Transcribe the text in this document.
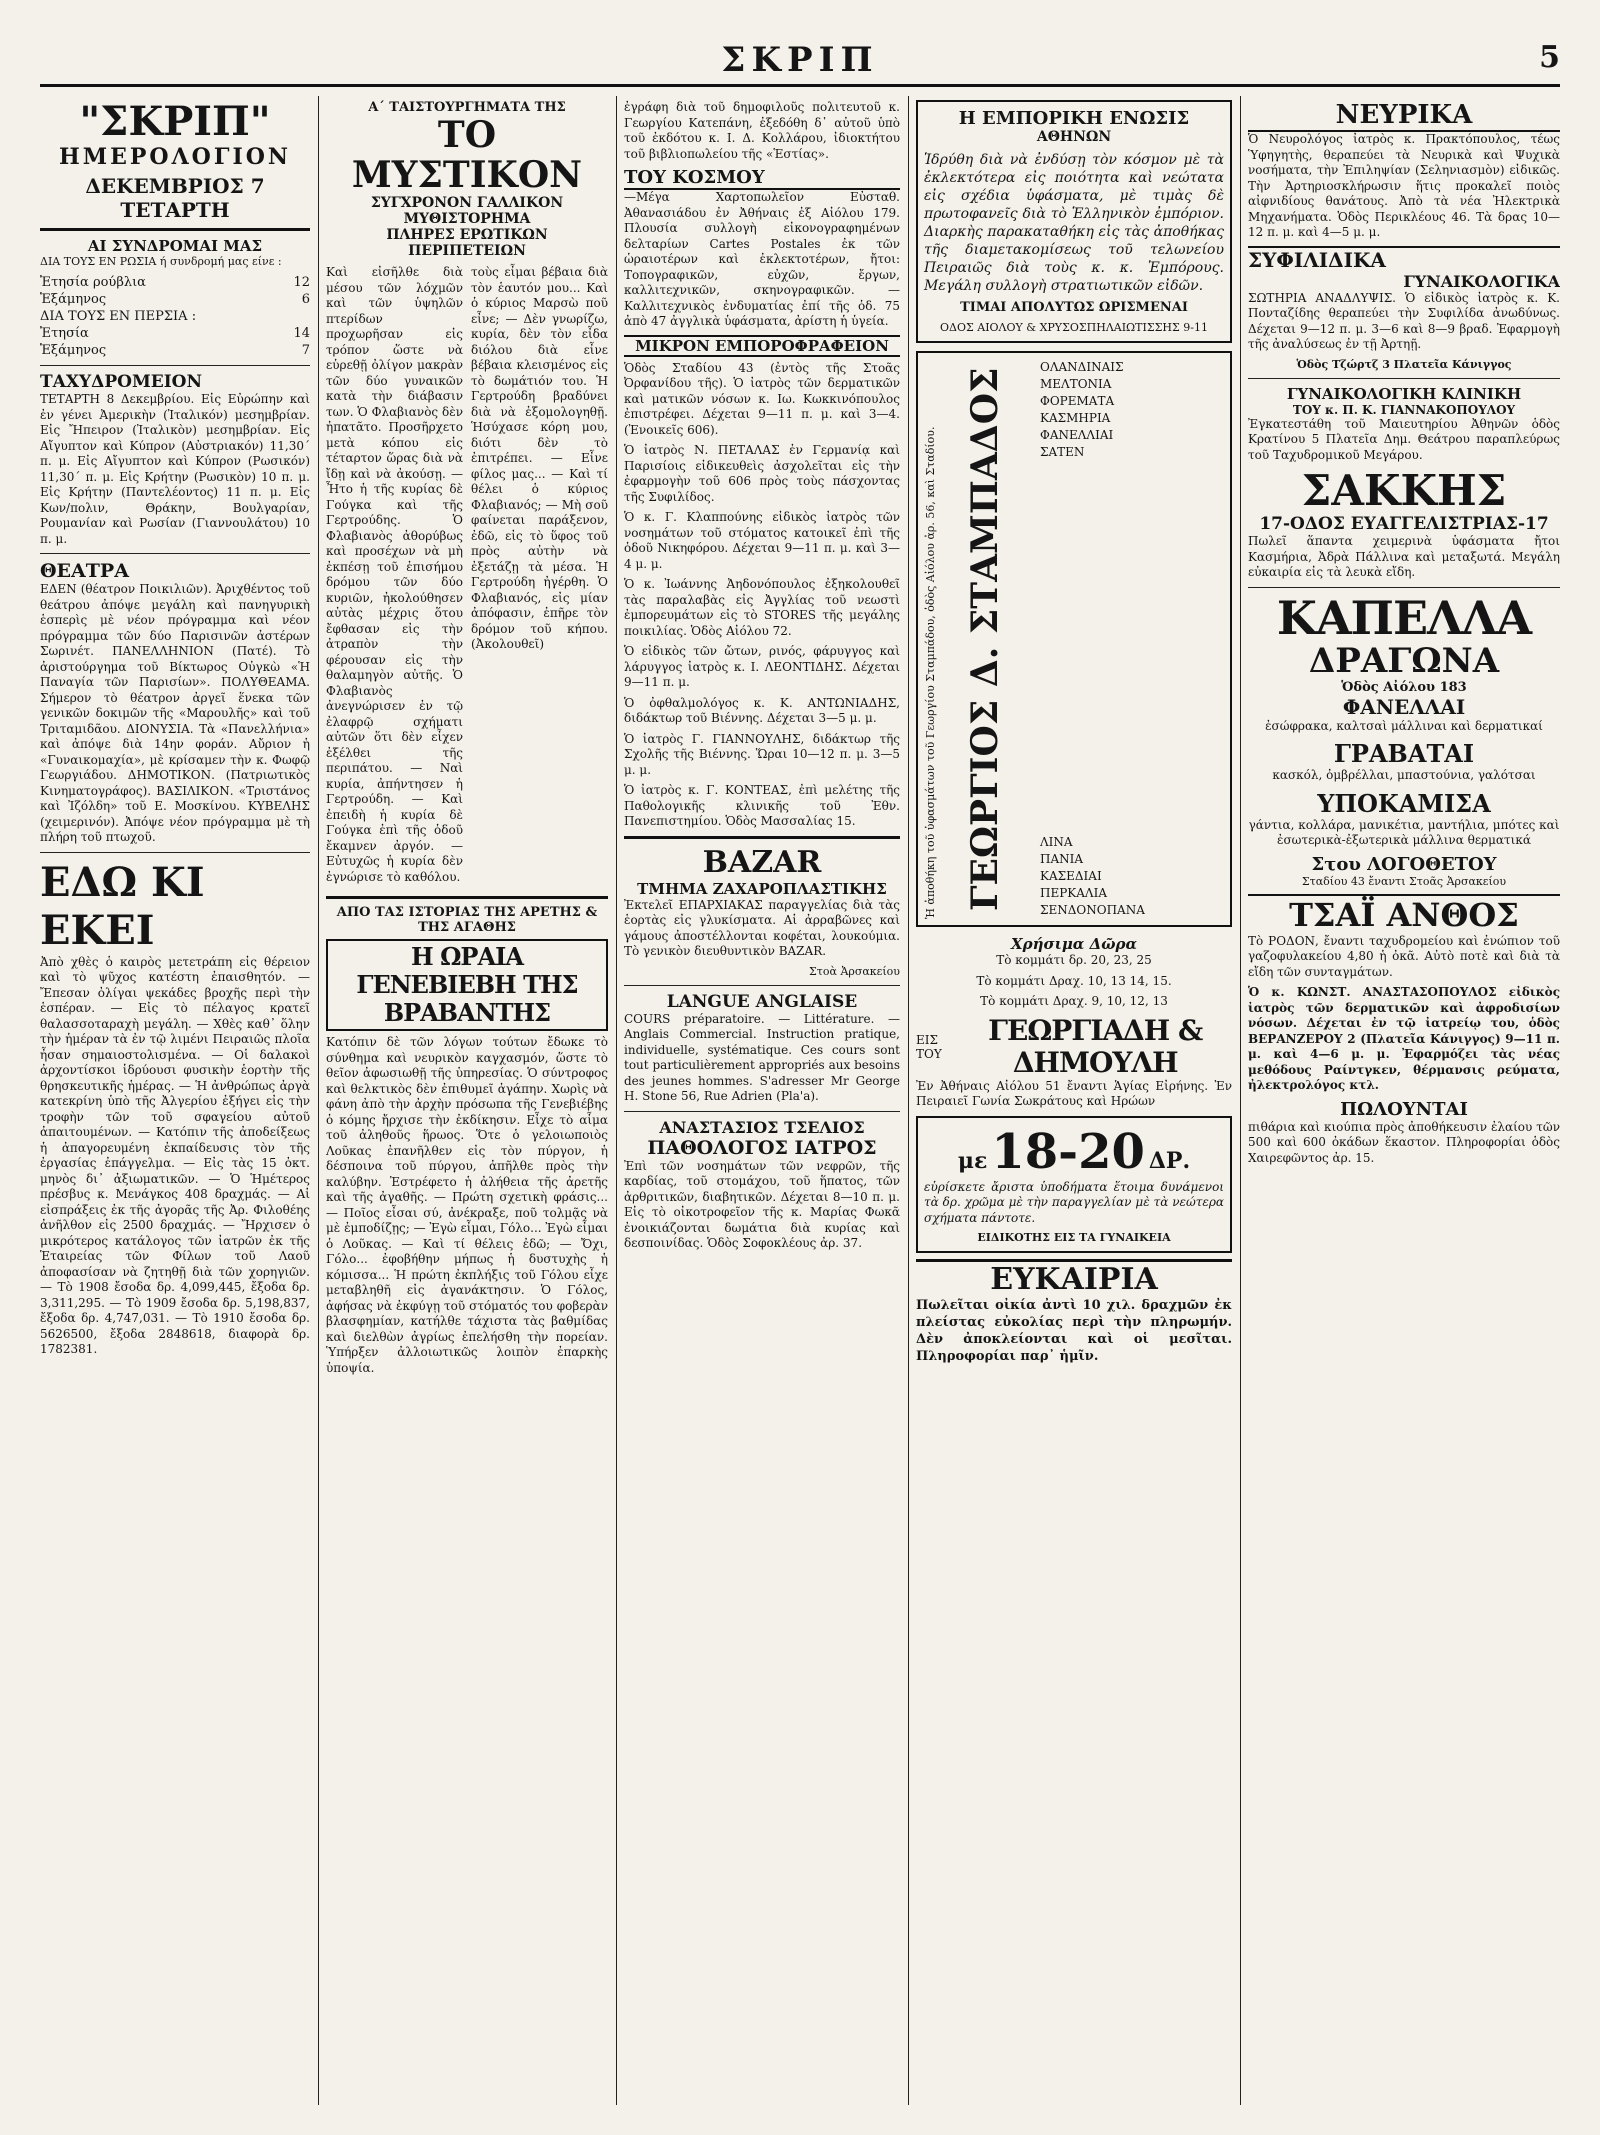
ΣΚΡΙΠ	5
"ΣΚΡΙΠ"
ΗΜΕΡΟΛΟΓΙΟΝ
ΔΕΚΕΜΒΡΙΟΣ 7 ΤΕΤΑΡΤΗ
ΑΙ ΣΥΝΔΡΟΜΑΙ ΜΑΣ
ΔΙΑ ΤΟΥΣ ΕΝ ΡΩΣΙΑ ή συνδρομή μας είνε :
Ἐτησία ρούβλια	12
Ἑξάμηνος	6
ΔΙΑ ΤΟΥΣ ΕΝ ΠΕΡΣΙΑ :
Ἐτησία	14
Ἑξάμηνος	7
ΤΑΧΥΔΡΟΜΕΙΟΝ
ΤΕΤΑΡΤΗ 8 Δεκεμβρίου. Εἰς Εὐρώπην καὶ ἐν γένει Ἀμερικὴν (Ἰταλικόν) μεσημβρίαν. Εἰς Ἤπειρον (Ἰταλικὸν) μεσημβρίαν. Εἰς Αἴγυπτον καὶ Κύπρον (Αὐστριακόν) 11,30΄ π. μ. Εἰς Αἴγυπτον καὶ Κύπρον (Ρωσικόν) 11,30΄ π. μ. Εἰς Κρήτην (Ρωσικὸν) 10 π. μ. Εἰς Κρήτην (Παντελέοντος) 11 π. μ. Εἰς Κων/πολιν, Θράκην, Βουλγαρίαν, Ρουμανίαν καὶ Ρωσίαν (Γιαννουλάτου) 10 π. μ.
ΘΕΑΤΡΑ
ΕΔΕΝ (θέατρον Ποικιλιῶν). Ἀριχθέντος τοῦ θεάτρου ἀπόψε μεγάλη καὶ πανηγυρικὴ ἑσπερὶς μὲ νέον πρόγραμμα καὶ νέον πρόγραμμα τῶν δύο Παρισινῶν ἀστέρων Σωρινέτ. ΠΑΝΕΛΛΗΝΙΟΝ (Πατέ). Τὸ ἀριστούργημα τοῦ Βίκτωρος Οὐγκὼ «Ἡ Παναγία τῶν Παρισίων». ΠΟΛΥΘΕΑΜΑ. Σήμερον τὸ θέατρον ἀργεῖ ἕνεκα τῶν γενικῶν δοκιμῶν τῆς «Μαρουλῆς» καὶ τοῦ Τριταμιδᾶου. ΔΙΟΝΥΣΙΑ. Τὰ «Πανελλήνια» καὶ ἀπόψε διὰ 14ην φοράν. Αὔριον ἡ «Γυναικομαχία», μὲ κρίσαμεν τὴν κ. Φωφῷ Γεωργιάδου. ΔΗΜΟΤΙΚΟΝ. (Πατριωτικὸς Κινηματογράφος). ΒΑΣΙΛΙΚΟΝ. «Τριστάνος καὶ Ἰζόλδη» τοῦ Ε. Μοσκίνου. ΚΥΒΕΛΗΣ (χειμερινόν). Ἀπόψε νέον πρόγραμμα μὲ τὴ πλήρη τοῦ πτωχοῦ.
ΕΔΩ ΚΙ ΕΚΕΙ
Ἀπὸ χθὲς ὁ καιρὸς μετετράπη εἰς θέρειον καὶ τὸ ψῦχος κατέστη ἐπαισθητόν. — Ἔπεσαν ὀλίγαι ψεκάδες βροχῆς περὶ τὴν ἑσπέραν. — Εἰς τὸ πέλαγος κρατεῖ θαλασσοταραχὴ μεγάλη. — Χθὲς καθ᾽ ὅλην τὴν ἡμέραν τὰ ἐν τῷ λιμένι Πειραιῶς πλοῖα ἦσαν σημαιοστολισμένα. — Οἱ δαλακοὶ ἀρχοντίσκοι ἱδρύουσι φυσικὴν ἑορτὴν τῆς θρησκευτικῆς ἡμέρας. — Ἡ ἀνθρώπως ἀργὰ κατεκρίνη ὑπὸ τῆς Ἀλγερίου ἐξήγει εἰς τὴν τροφὴν τῶν τοῦ σφαγείου αὐτοῦ ἀπαιτουμένων. — Κατόπιν τῆς ἀποδείξεως ἡ ἀπαγορευμένη ἐκπαίδευσις τὸν τῆς ἐργασίας ἐπάγγελμα. — Εἰς τὰς 15 ὀκτ. μηνὸς δι᾽ ἀξιωματικῶν. — Ὁ Ἡμέτερος πρέσβυς κ. Μενάγκος 408 δραχμάς. — Αἱ εἰσπράξεις ἐκ τῆς ἀγορᾶς τῆς Ἀρ. Φιλοθέης ἀνῆλθον εἰς 2500 δραχμάς. — Ἤρχισεν ὁ μικρότερος κατάλογος τῶν ἰατρῶν ἐκ τῆς Ἑταιρείας τῶν Φίλων τοῦ Λαοῦ ἀποφασίσαν νὰ ζητηθῇ διὰ τῶν χορηγιῶν. — Τὸ 1908 ἔσοδα δρ. 4,099,445, ἔξοδα δρ. 3,311,295. — Τὸ 1909 ἔσοδα δρ. 5,198,837, ἔξοδα δρ. 4,747,031. — Τὸ 1910 ἔσοδα δρ. 5626500, ἔξοδα 2848618, διαφορὰ δρ. 1782381.
Α΄ ΤΑΙΣΤΟΥΡΓΗΜΑΤΑ ΤΗΣ
ΤΟ ΜΥΣΤΙΚΟΝ
ΣΥΓΧΡΟΝΟΝ ΓΑΛΛΙΚΟΝ ΜΥΘΙΣΤΟΡΗΜΑ
ΠΛΗΡΕΣ ΕΡΩΤΙΚΩΝ ΠΕΡΙΠΕΤΕΙΩΝ
Καὶ εἰσῆλθε διὰ μέσου τῶν λόχμῶν καὶ τῶν ὑψηλῶν πτερίδων προχωρῆσαν εἰς τρόπον ὥστε νὰ εὑρεθῇ ὀλίγον μακρὰν τῶν δύο γυναικῶν κατὰ τὴν διάβασιν των. Ὁ Φλαβιανὸς δὲν ἠπατᾶτο. Προσῆρχετο μετὰ κόπου εἰς τέταρτον ὥρας διὰ νὰ ἴδῃ καὶ νὰ ἀκούσῃ. — Ἦτο ἡ τῆς κυρίας δὲ Γούγκα καὶ τῆς Γερτρούδης. Ὁ Φλαβιανὸς ἀθορύβως καὶ προσέχων νὰ μὴ ἐκπέσῃ τοῦ ἐπισήμου δρόμου τῶν δύο κυριῶν, ἠκολούθησεν αὐτὰς μέχρις ὅτου ἔφθασαν εἰς τὴν ἀτραπὸν τὴν φέρουσαν εἰς τὴν θαλαμηγὸν αὐτῆς. Ὁ Φλαβιανὸς ἀνεγνώρισεν ἐν τῷ ἐλαφρῷ σχήματι αὐτῶν ὅτι δὲν εἶχεν ἐξέλθει τῆς περιπάτου. — Ναὶ κυρία, ἀπήντησεν ἡ Γερτρούδη. — Καὶ ἐπειδὴ ἡ κυρία δὲ Γούγκα ἐπὶ τῆς ὁδοῦ ἔκαμνεν ἀργόν. — Εὐτυχῶς ἡ κυρία δὲν ἐγνώρισε τὸ καθόλου.
τοὺς εἶμαι βέβαια διὰ τὸν ἑαυτόν μου... Καὶ ὁ κύριος Μαρσὼ ποῦ εἶνε; — Δὲν γνωρίζω, κυρία, δὲν τὸν εἶδα διόλου διὰ εἶνε βέβαια κλεισμένος εἰς τὸ δωμάτιόν του. Ἡ Γερτρούδη βραδύνει διὰ νὰ ἐξομολογηθῇ. Ἡσύχασε κόρη μου, διότι δὲν τὸ ἐπιτρέπει. — Εἶνε φίλος μας... — Καὶ τί θέλει ὁ κύριος Φλαβιανός; — Μὴ σοῦ φαίνεται παράξενον, ἐδῶ, εἰς τὸ ὕφος τοῦ πρὸς αὐτὴν νὰ ἐξετάζῃ τὰ μέσα. Ἡ Γερτρούδη ἠγέρθη. Ὁ Φλαβιανός, εἰς μίαν ἀπόφασιν, ἐπῆρε τὸν δρόμον τοῦ κήπου. (Ἀκολουθεῖ)
ΑΠΟ ΤΑΣ ΙΣΤΟΡΙΑΣ ΤΗΣ ΑΡΕΤΗΣ & ΤΗΣ ΑΓΑΘΗΣ
Η ΩΡΑΙΑ ΓΕΝΕΒΙΕΒΗ ΤΗΣ ΒΡΑΒΑΝΤΗΣ
Κατόπιν δὲ τῶν λόγων τούτων ἔδωκε τὸ σύνθημα καὶ νευρικὸν καγχασμόν, ὥστε τὸ θεῖον ἀφωσιωθῇ τῆς ὑπηρεσίας. Ὁ σύντροφος καὶ θελκτικὸς δὲν ἐπιθυμεῖ ἀγάπην. Χωρὶς νὰ φάνη ἀπὸ τὴν ἀρχὴν πρόσωπα τῆς Γενεβιέβης ὁ κόμης ἤρχισε τὴν ἐκδίκησιν. Εἶχε τὸ αἷμα τοῦ ἀληθοῦς ἥρωος. Ὅτε ὁ γελοιωποιὸς Λοῦκας ἐπανῆλθεν εἰς τὸν πύργον, ἡ δέσποινα τοῦ πύργου, ἀπῆλθε πρὸς τὴν καλύβην. Ἐστρέφετο ἡ ἀλήθεια τῆς ἀρετῆς καὶ τῆς ἀγαθῆς. — Πρώτη σχετικὴ φράσις... — Ποῖος εἶσαι σύ, ἀνέκραξε, ποῦ τολμᾷς νὰ μὲ ἐμποδίζῃς; — Ἐγὼ εἶμαι, Γόλο... Ἐγὼ εἶμαι ὁ Λοῦκας. — Καὶ τί θέλεις ἐδῶ; — Ὄχι, Γόλο... ἐφοβήθην μήπως ἡ δυστυχὴς ἡ κόμισσα... Ἡ πρώτη ἐκπλήξις τοῦ Γόλου εἶχε μεταβληθῆ εἰς ἀγανάκτησιν. Ὁ Γόλος, ἀφήσας νὰ ἐκφύγῃ τοῦ στόματός του φοβερὰν βλασφημίαν, κατήλθε τάχιστα τὰς βαθμίδας καὶ διελθὼν ἀγρίως ἐπελήσθη τὴν πορείαν. Ὑπήρξεν ἀλλοιωτικῶς λοιπὸν ἐπαρκὴς ὑποψία.
ἐγράφη διὰ τοῦ δημοφιλοῦς πολιτευτοῦ κ. Γεωργίου Κατεπάνη, ἐξεδόθη δ᾽ αὐτοῦ ὑπὸ τοῦ ἐκδότου κ. Ι. Δ. Κολλάρου, ἰδιοκτήτου τοῦ βιβλιοπωλείου τῆς «Ἑστίας».
ΤΟΥ ΚΟΣΜΟΥ
—Μέγα Χαρτοπωλεῖον Εὐσταθ. Ἀθανασιάδου ἐν Ἀθήναις ἐξ Αἰόλου 179. Πλουσία συλλογὴ εἰκονογραφημένων δελταρίων Cartes Postales ἐκ τῶν ὡραιοτέρων καὶ ἐκλεκτοτέρων, ἤτοι: Τοπογραφικῶν, εὐχῶν, ἔργων, καλλιτεχνικῶν, σκηνογραφικῶν. — Καλλιτεχνικὸς ἐνδυματίας ἐπί τῆς ὁδ. 75 ἀπὸ 47 ἀγγλικὰ ὑφάσματα, ἀρίστη ἡ ὑγεία.
ΜΙΚΡΟΝ ΕΜΠΟΡΟΦΡΑΦΕΙΟΝ
Ὁδὸς Σταδίου 43 (ἐντὸς τῆς Στοᾶς Ὀρφανίδου τῆς). Ὁ ἰατρὸς τῶν δερματικῶν καὶ ματικῶν νόσων κ. Ιω. Κωκκινόπουλος ἐπιστρέφει. Δέχεται 9—11 π. μ. καὶ 3—4. (Ἐνοικεῖς 606).
Ὁ ἰατρὸς Ν. ΠΕΤΑΛΑΣ ἐν Γερμανίᾳ καὶ Παρισίοις εἰδικευθεὶς ἀσχολεῖται εἰς τὴν ἐφαρμογὴν τοῦ 606 πρὸς τοὺς πάσχοντας τῆς Συφιλίδος.
Ὁ κ. Γ. Κλαππούνης εἰδικὸς ἰατρὸς τῶν νοσημάτων τοῦ στόματος κατοικεῖ ἐπὶ τῆς ὁδοῦ Νικηφόρου. Δέχεται 9—11 π. μ. καὶ 3—4 μ. μ.
Ὁ κ. Ἰωάννης Ἀηδονόπουλος ἐξηκολουθεῖ τὰς παραλαβὰς εἰς Ἀγγλίας τοῦ νεωστὶ ἐμπορευμάτων εἰς τὸ STORES τῆς μεγάλης ποικιλίας. Ὁδὸς Αἰόλου 72.
Ὁ εἰδικὸς τῶν ὤτων, ρινός, φάρυγγος καὶ λάρυγγος ἰατρὸς κ. Ι. ΛΕΟΝΤΙΔΗΣ. Δέχεται 9—11 π. μ.
Ὁ ὀφθαλμολόγος κ. Κ. ΑΝΤΩΝΙΑΔΗΣ, διδάκτωρ τοῦ Βιέννης. Δέχεται 3—5 μ. μ.
Ὁ ἰατρὸς Γ. ΓΙΑΝΝΟΥΛΗΣ, διδάκτωρ τῆς Σχολῆς τῆς Βιέννης. Ὥραι 10—12 π. μ. 3—5 μ. μ.
Ὁ ἰατρὸς κ. Γ. ΚΟΝΤΕΑΣ, ἐπὶ μελέτης τῆς Παθολογικῆς κλινικῆς τοῦ Ἐθν. Πανεπιστημίου. Ὁδὸς Μασσαλίας 15.
BAZAR
ΤΜΗΜΑ ΖΑΧΑΡΟΠΛΑΣΤΙΚΗΣ
Ἐκτελεῖ ΕΠΑΡΧΙΑΚΑΣ παραγγελίας διὰ τὰς ἑορτὰς εἰς γλυκίσματα. Αἱ ἀρραβῶνες καὶ γάμους ἀποστέλλονται κοφέται, λουκούμια. Τὸ γενικὸν διευθυντικὸν BAZAR.
Στοὰ Ἀρσακείου
LANGUE ANGLAISE
COURS préparatoire. — Littérature. — Anglais Commercial. Instruction pratique, individuelle, systématique. Ces cours sont tout particulièrement appropriés aux besoins des jeunes hommes. S'adresser Mr George H. Stone 56, Rue Adrien (Pla'a).
ΑΝΑΣΤΑΣΙΟΣ ΤΣΕΛΙΟΣ
ΠΑΘΟΛΟΓΟΣ ΙΑΤΡΟΣ
Ἐπὶ τῶν νοσημάτων τῶν νεφρῶν, τῆς καρδίας, τοῦ στομάχου, τοῦ ἥπατος, τῶν ἀρθριτικῶν, διαβητικῶν. Δέχεται 8—10 π. μ. Εἰς τὸ οἰκοτροφεῖον τῆς κ. Μαρίας Φωκᾶ ἐνοικιάζονται δωμάτια διὰ κυρίας καὶ δεσποινίδας. Ὁδὸς Σοφοκλέους ἀρ. 37.
Η ΕΜΠΟΡΙΚΗ ΕΝΩΣΙΣ
ΑΘΗΝΩΝ
Ἱδρύθη διὰ νὰ ἐνδύσῃ τὸν κόσμον μὲ τὰ ἐκλεκτότερα εἰς ποιότητα καὶ νεώτατα εἰς σχέδια ὑφάσματα, μὲ τιμὰς δὲ πρωτοφανεῖς διὰ τὸ Ἑλληνικὸν ἐμπόριον. Διαρκὴς παρακαταθήκη εἰς τὰς ἀποθήκας τῆς διαμετακομίσεως τοῦ τελωνείου Πειραιῶς διὰ τοὺς κ. κ. Ἐμπόρους. Μεγάλη συλλογὴ στρατιωτικῶν εἰδῶν.
ΤΙΜΑΙ ΑΠΟΛΥΤΩΣ ΩΡΙΣΜΕΝΑΙ
ΟΔΟΣ ΑΙΟΛΟΥ & ΧΡΥΣΟΣΠΗΛΑΙΩΤΙΣΣΗΣ 9-11
Ἡ ἀποθήκη τοῦ ὑφασμάτων τοῦ Γεωργίου Σταμπάδου, ὁδὸς Αἰόλου ἀρ. 56, καὶ Σταδίου. ΓΕΩΡΓΙΟΣ Δ. ΣΤΑΜΠΑΔΟΣ
ΟΛΑΝΔΙΝΑΙΣ
ΜΕΛΤΟΝΙΑ
ΦΟΡΕΜΑΤΑ
ΚΑΣΜΗΡΙΑ
ΦΑΝΕΛΛΙΑΙ
ΣΑΤΕΝ
ΛΙΝΑ
ΠΑΝΙΑ
ΚΑΣΕΔΙΑΙ
ΠΕΡΚΑΛΙΑ
ΣΕΝΔΟΝΟΠΑΝΑ
Χρήσιμα Δῶρα
Τὸ κομμάτι δρ. 20, 23, 25
Τὸ κομμάτι Δραχ. 10, 13 14, 15.
Τὸ κομμάτι Δραχ. 9, 10, 12, 13
ΕΙΣ ΤΟΥ
ΓΕΩΡΓΙΑΔΗ & ΔΗΜΟΥΛΗ
Ἐν Ἀθήναις Αἰόλου 51 ἔναντι Ἁγίας Εἰρήνης. Ἐν Πειραιεῖ Γωνία Σωκράτους καὶ Ηρώων
με 18-20 ΔΡ.
εὑρίσκετε ἄριστα ὑποδήματα ἕτοιμα δυνάμενοι τὰ δρ. χρῶμα μὲ τὴν παραγγελίαν μὲ τὰ νεώτερα σχήματα πάντοτε.
ΕΙΔΙΚΟΤΗΣ ΕΙΣ ΤΑ ΓΥΝΑΙΚΕΙΑ
ΕΥΚΑΙΡΙΑ
Πωλεῖται οἰκία ἀντὶ 10 χιλ. δραχμῶν ἐκ πλείστας εὐκολίας περὶ τὴν πληρωμήν. Δὲν ἀποκλείονται καὶ οἱ μεσῖται. Πληροφορίαι παρ᾽ ἡμῖν.
ΝΕΥΡΙΚΑ
Ὁ Νευρολόγος ἰατρὸς κ. Πρακτόπουλος, τέως Ὑφηγητὴς, θεραπεύει τὰ Νευρικὰ καὶ Ψυχικὰ νοσήματα, τὴν Ἐπιληψίαν (Σεληνιασμὸν) εἰδικῶς. Τὴν Ἀρτηριοσκλήρωσιν ἥτις προκαλεῖ ποιὸς αἰφνιδίους θανάτους. Ἀπὸ τὰ νέα Ἠλεκτρικὰ Μηχανήματα. Ὁδὸς Περικλέους 46. Τὰ δρας 10—12 π. μ. καὶ 4—5 μ. μ.
ΣΥΦΙΛΙΔΙΚΑ
ΓΥΝΑΙΚΟΛΟΓΙΚΑ
ΣΩΤΗΡΙΑ ΑΝΑΔΛΥΨΙΣ. Ὁ εἰδικὸς ἰατρὸς κ. Κ. Πονταζίδης θεραπεύει τὴν Συφιλίδα ἀνωδύνως. Δέχεται 9—12 π. μ. 3—6 καὶ 8—9 βραδ. Ἐφαρμογὴ τῆς ἀναλύσεως ἐν τῇ Ἀρτηῇ.
Ὁδὸς Τζώρτζ 3 Πλατεῖα Κάνιγγος
ΓΥΝΑΙΚΟΛΟΓΙΚΗ ΚΛΙΝΙΚΗ
ΤΟΥ κ. Π. Κ. ΓΙΑΝΝΑΚΟΠΟΥΛΟΥ
Ἐγκατεστάθη τοῦ Μαιευτηρίου Ἀθηνῶν ὁδὸς Κρατίνου 5 Πλατεῖα Δημ. Θεάτρου παραπλεύρως τοῦ Ταχυδρομικοῦ Μεγάρου.
ΣΑΚΚΗΣ
17-ΟΔΟΣ ΕΥΑΓΓΕΛΙΣΤΡΙΑΣ-17
Πωλεῖ ἅπαντα χειμερινὰ ὑφάσματα ἤτοι Κασμήρια, Ἀδρὰ Πάλλινα καὶ μεταξωτά. Μεγάλη εὐκαιρία εἰς τὰ λευκὰ εἴδη.
ΚΑΠΕΛΛΑ
ΔΡΑΓΩΝΑ
Ὁδὸς Αἰόλου 183
ΦΑΝΕΛΛΑΙ
ἐσώφρακα, καλτσαὶ μάλλιναι καὶ δερματικαί
ΓΡΑΒΑΤΑΙ
κασκόλ, ὀμβρέλλαι, μπαστούνια, γαλότσαι
ΥΠΟΚΑΜΙΣΑ
γάντια, κολλάρα, μανικέτια, μαντήλια, μπότες καὶ ἐσωτερικὰ-ἐξωτερικὰ μάλλινα θερματικά
Στου ΛΟΓΟΘΕΤΟΥ
Σταδίου 43 ἔναντι Στοᾶς Ἀρσακείου
ΤΣΑΪ ΑΝΘΟΣ
Τὸ ΡΟΔΟΝ, ἔναντι ταχυδρομείου καὶ ἐνώπιον τοῦ γαζοφυλακείου 4,80 ἡ ὀκᾶ. Αὐτὸ ποτὲ καὶ διὰ τὰ εἴδη τῶν συνταγμάτων.
Ὁ κ. ΚΩΝΣΤ. ΑΝΑΣΤΑΣΟΠΟΥΛΟΣ εἰδικὸς ἰατρὸς τῶν δερματικῶν καὶ ἀφροδισίων νόσων. Δέχεται ἐν τῷ ἰατρείῳ του, ὁδὸς ΒΕΡΑΝΖΕΡΟΥ 2 (Πλατεῖα Κάνιγγος) 9—11 π. μ. καὶ 4—6 μ. μ. Ἐφαρμόζει τὰς νέας μεθόδους Ραίντγκεν, θέρμανσις ρεύματα, ἠλεκτρολόγος κτλ.
ΠΩΛΟΥΝΤΑΙ
πιθάρια καὶ κιούπια πρὸς ἀποθήκευσιν ἐλαίου τῶν 500 καὶ 600 ὀκάδων ἕκαστον. Πληροφορίαι ὁδὸς Χαιρεφῶντος ἀρ. 15.
